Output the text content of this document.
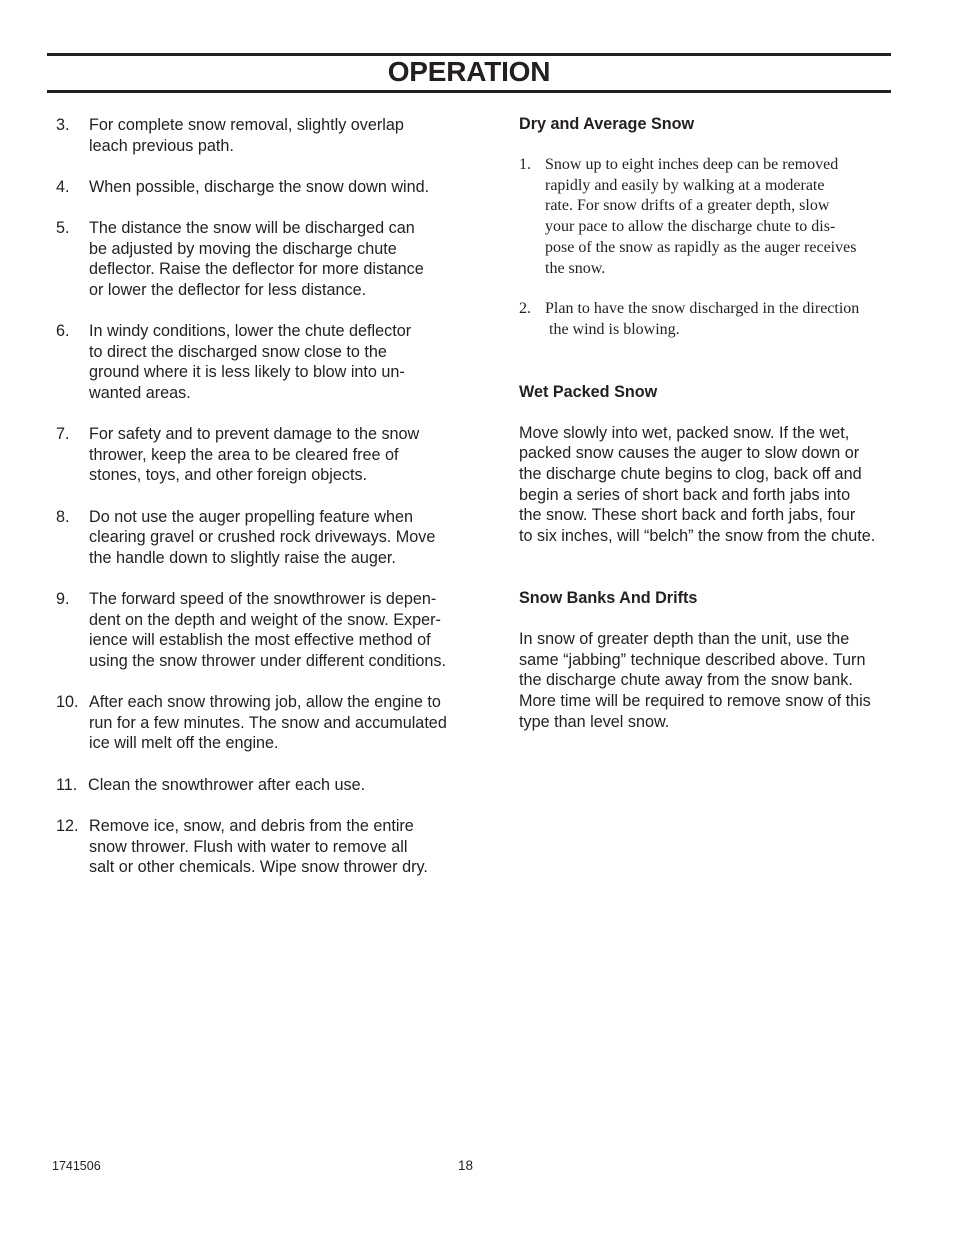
OPERATION
3.	For complete snow removal, slightly overlap
leach previous path.
4.	When possible, discharge the snow down wind.
5.	The distance the snow will be discharged can
be adjusted by moving the discharge chute
deflector. Raise the deflector for more distance
or lower the deflector for less distance.
6.	In windy conditions, lower the chute deflector
to direct the discharged snow close to the
ground where it is less likely to blow into un-
wanted areas.
7.	For safety and to prevent damage to the snow
thrower, keep the area to be cleared free of
stones, toys, and other foreign objects.
8.	Do not use the auger propelling feature when
clearing gravel or crushed rock driveways. Move
the handle down to slightly raise the auger.
9.	The forward speed of the snowthrower is depen-
dent on the depth and weight of the snow. Exper-
ience will establish the most effective method of
using the snow thrower under different conditions.
10. After each snow throwing job, allow the engine to
run for a few minutes. The snow and accumulated
ice will melt off the engine.
11. Clean the snowthrower after each use.
12. Remove ice, snow, and debris from the entire
snow thrower. Flush with water to remove all
salt or other chemicals. Wipe snow thrower dry.
Dry and Average Snow
1. Snow up to eight inches deep can be removed
rapidly and easily by walking at a moderate
rate. For snow drifts of a greater depth, slow
your pace to allow the discharge chute to dis-
pose of the snow as rapidly as the auger receives
the snow.
2. Plan to have the snow discharged in the direction
the wind is blowing.
Wet Packed Snow
Move slowly into wet, packed snow. If the wet,
packed snow causes the auger to slow down or
the discharge chute begins to clog, back off and
begin a series of short back and forth jabs into
the snow. These short back and forth jabs, four
to six inches, will “belch” the snow from the chute.
Snow Banks And Drifts
In snow of greater depth than the unit, use the
same “jabbing” technique described above. Turn
the discharge chute away from the snow bank.
More time will be required to remove snow of this
type than level snow.
1741506	18
